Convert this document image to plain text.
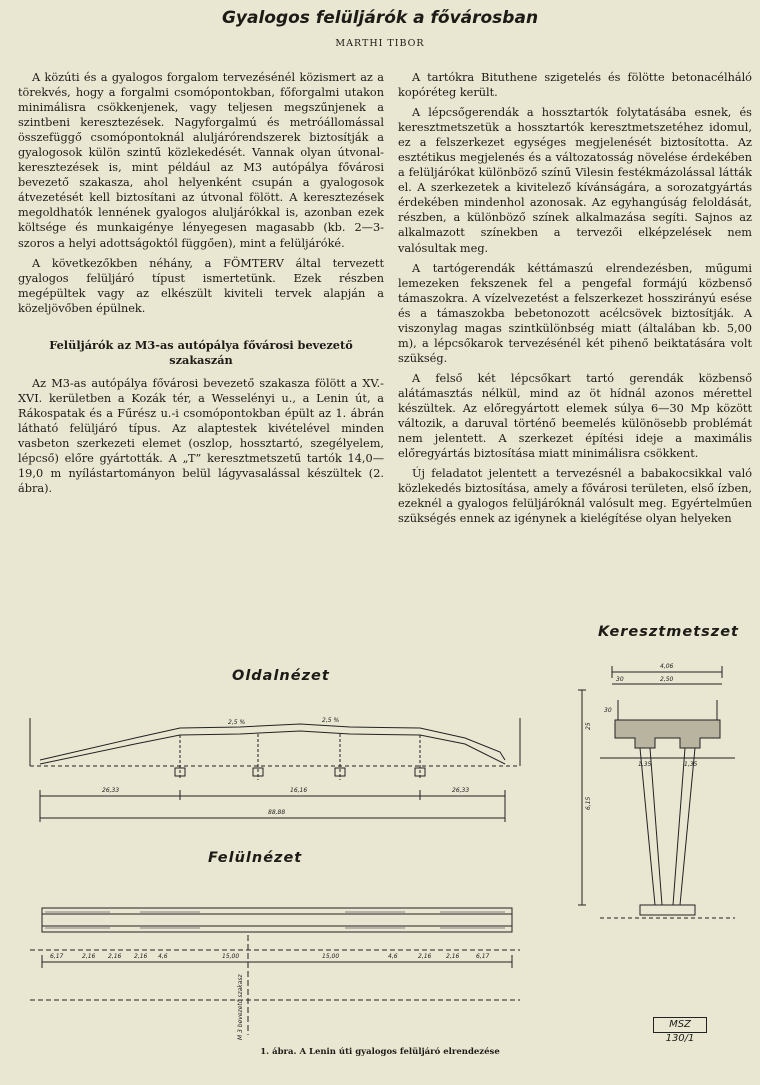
Gyalogos felüljárók a fővárosban
MARTHI TIBOR

A közúti és a gyalogos forgalom tervezésénél közismert az a törekvés, hogy a forgalmi csomópontokban, főforgalmi utakon minimálisra csökkenjenek, vagy teljesen megszűnjenek a szintbeni keresztezések. Nagyforgalmú és metróállomással összefüggő csomópontoknál aluljárórendszerek biztosítják a gyalogosok külön szintű közlekedését. Vannak olyan útvonal-keresztezések is, mint például az M3 autópálya fővárosi bevezető szakasza, ahol helyenként csupán a gyalogosok átvezetését kell biztosítani az útvonal fölött. A keresztezések megoldhatók lennének gyalogos aluljárókkal is, azonban ezek költsége és munkaigénye lényegesen magasabb (kb. 2—3-szoros a helyi adottságoktól függően), mint a felüljáróké.

A következőkben néhány, a FÖMTERV által tervezett gyalogos felüljáró típust ismertetünk. Ezek részben megépültek vagy az elkészült kiviteli tervek alapján a közeljövőben épülnek.

Felüljárók az M3-as autópálya fővárosi bevezető szakaszán

Az M3-as autópálya fővárosi bevezető szakasza fölött a XV.-XVI. kerületben a Kozák tér, a Wesselényi u., a Lenin út, a Rákospatak és a Fűrész u.-i csomópontokban épült az 1. ábrán látható felüljáró típus. Az alaptestek kivételével minden vasbeton szerkezeti elemet (oszlop, hossztartó, szegélyelem, lépcső) előre gyártották. A „T” keresztmetszetű tartók 14,0—19,0 m nyílástartományon belül lágyvasalással készültek (2. ábra).

A tartókra Bituthene szigetelés és fölötte betonacélháló kopóréteg került.

A lépcsőgerendák a hossztartók folytatásába esnek, és keresztmetszetük a hossztartók keresztmetszetéhez idomul, ez a felszerkezet egységes megjelenését biztosította. Az esztétikus megjelenés és a változatosság növelése érdekében a felüljárókat különböző színű Vilesin festékmázolással látták el. A szerkezetek a kivitelező kívánságára, a sorozatgyártás érdekében mindenhol azonosak. Az egyhangúság feloldását, részben, a különböző színek alkalmazása segíti. Sajnos az alkalmazott színekben a tervezői elképzelések nem valósultak meg.

A tartógerendák kéttámaszú elrendezésben, műgumi lemezeken fekszenek fel a pengefal formájú közbenső támaszokra. A vízelvezetést a felszerkezet hosszirányú esése és a támaszokba bebetonozott acélcsövek biztosítják. A viszonylag magas szintkülönbség miatt (általában kb. 5,00 m), a lépcsőkarok tervezésénél két pihenő beiktatására volt szükség.

A felső két lépcsőkart tartó gerendák közbenső alátámasztás nélkül, mind az öt hídnál azonos mérettel készültek. Az előregyártott elemek súlya 6—30 Mp között változik, a daruval történő beemelés különösebb problémát nem jelentett. A szerkezet építési ideje a maximális előregyártás biztosítása miatt minimálisra csökkent.

Új feladatot jelentett a tervezésnél a babakocsikkal való közlekedés biztosítása, amely a fővárosi területen, első ízben, ezeknél a gyalogos felüljáróknál valósult meg. Egyértelműen szükségés ennek az igénynek a kielégítése olyan helyeken

Oldalnézet
Felülnézet
Keresztmetszet
2,5 %	2,5 %
26,33	16,16	26,33
88,88
6,17	2,16 2,16 2,16 4,6	15,00	15,00	4,6	2,16 2,16	6,17
M 3 bevezető szakasz
4,06
2,50
30
1,35	1,35
6,15
25
30
MSZ 130/1
1. ábra. A Lenin úti gyalogos felüljáró elrendezése
